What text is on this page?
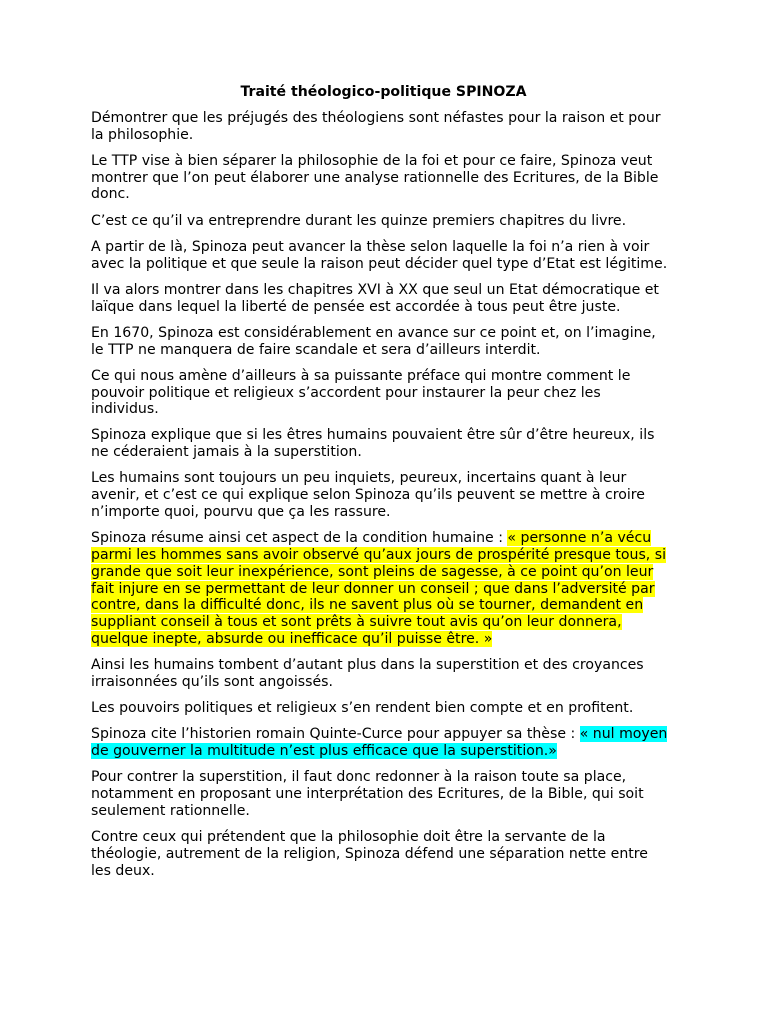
Traité théologico-politique SPINOZA

Démontrer que les préjugés des théologiens sont néfastes pour la raison et pour la philosophie.

Le TTP vise à bien séparer la philosophie de la foi et pour ce faire, Spinoza veut montrer que l’on peut élaborer une analyse rationnelle des Ecritures, de la Bible donc.

C’est ce qu’il va entreprendre durant les quinze premiers chapitres du livre.

A partir de là, Spinoza peut avancer la thèse selon laquelle la foi n’a rien à voir avec la politique et que seule la raison peut décider quel type d’Etat est légitime.

Il va alors montrer dans les chapitres XVI à XX que seul un Etat démocratique et laïque dans lequel la liberté de pensée est accordée à tous peut être juste.

En 1670, Spinoza est considérablement en avance sur ce point et, on l’imagine, le TTP ne manquera de faire scandale et sera d’ailleurs interdit.

Ce qui nous amène d’ailleurs à sa puissante préface qui montre comment le pouvoir politique et religieux s’accordent pour instaurer la peur chez les individus.

Spinoza explique que si les êtres humains pouvaient être sûr d’être heureux, ils ne céderaient jamais à la superstition.

Les humains sont toujours un peu inquiets, peureux, incertains quant à leur avenir, et c’est ce qui explique selon Spinoza qu’ils peuvent se mettre à croire n’importe quoi, pourvu que ça les rassure.

Spinoza résume ainsi cet aspect de la condition humaine : « personne n’a vécu parmi les hommes sans avoir observé qu’aux jours de prospérité presque tous, si grande que soit leur inexpérience, sont pleins de sagesse, à ce point qu’on leur fait injure en se permettant de leur donner un conseil ; que dans l’adversité par contre, dans la difficulté donc, ils ne savent plus où se tourner, demandent en suppliant conseil à tous et sont prêts à suivre tout avis qu’on leur donnera, quelque inepte, absurde ou inefficace qu’il puisse être. »

Ainsi les humains tombent d’autant plus dans la superstition et des croyances irraisonnées qu’ils sont angoissés.

Les pouvoirs politiques et religieux s’en rendent bien compte et en profitent.

Spinoza cite l’historien romain Quinte-Curce pour appuyer sa thèse : « nul moyen de gouverner la multitude n’est plus efficace que la superstition.»

Pour contrer la superstition, il faut donc redonner à la raison toute sa place, notamment en proposant une interprétation des Ecritures, de la Bible, qui soit seulement rationnelle.

Contre ceux qui prétendent que la philosophie doit être la servante de la théologie, autrement de la religion, Spinoza défend une séparation nette entre les deux.
